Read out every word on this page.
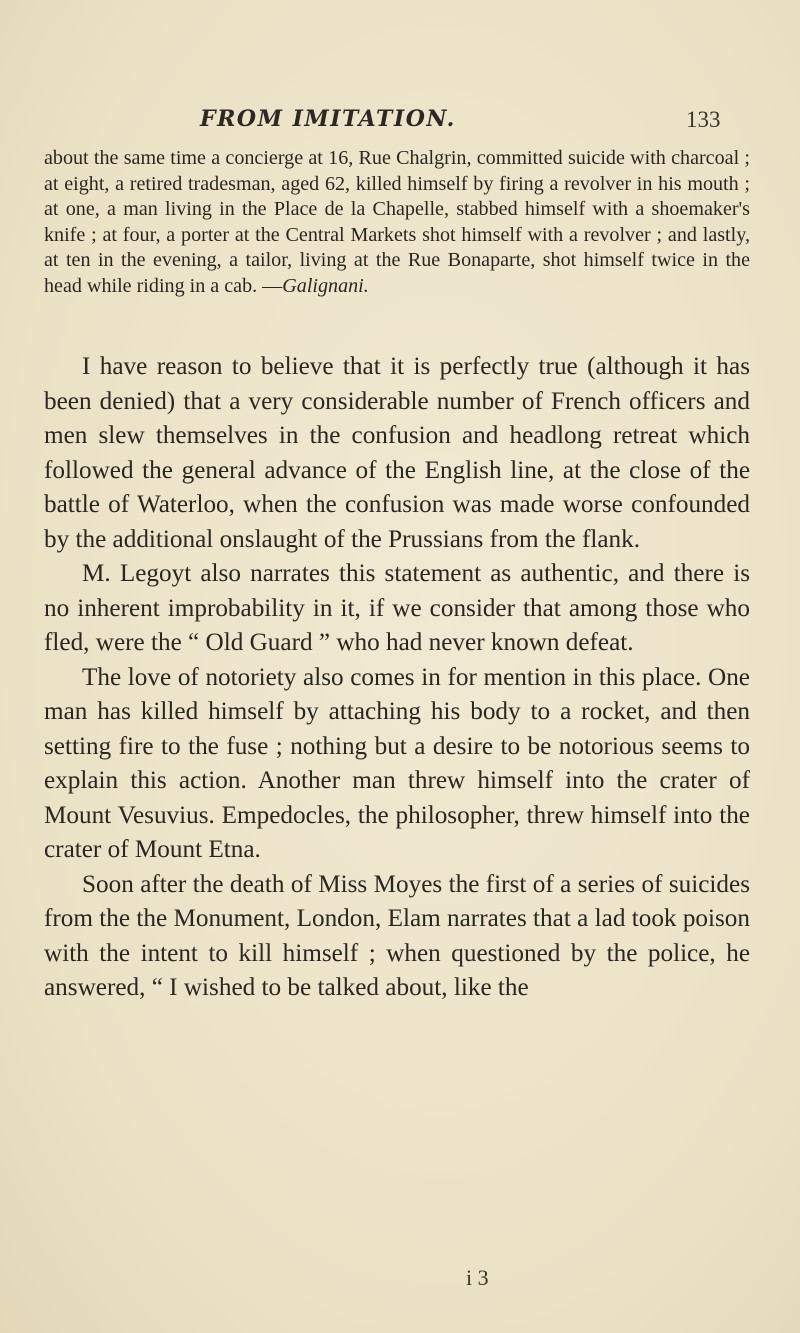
FROM IMITATION.	133

about the same time a concierge at 16, Rue Chalgrin, committed suicide with charcoal ; at eight, a retired tradesman, aged 62, killed himself by firing a revolver in his mouth ; at one, a man living in the Place de la Chapelle, stabbed himself with a shoemaker's knife ; at four, a porter at the Central Markets shot himself with a revolver ; and lastly, at ten in the evening, a tailor, living at the Rue Bonaparte, shot himself twice in the head while riding in a cab. —Galignani.

I have reason to believe that it is perfectly true (although it has been denied) that a very considerable number of French officers and men slew themselves in the confusion and headlong retreat which followed the general advance of the English line, at the close of the battle of Waterloo, when the confusion was made worse confounded by the additional onslaught of the Prussians from the flank.

M. Legoyt also narrates this statement as authentic, and there is no inherent improbability in it, if we consider that among those who fled, were the “ Old Guard ” who had never known defeat.

The love of notoriety also comes in for mention in this place. One man has killed himself by attaching his body to a rocket, and then setting fire to the fuse ; nothing but a desire to be notorious seems to explain this action. Another man threw himself into the crater of Mount Vesuvius. Empedocles, the philosopher, threw himself into the crater of Mount Etna.

Soon after the death of Miss Moyes the first of a series of suicides from the the Monument, London, Elam narrates that a lad took poison with the intent to kill himself ; when questioned by the police, he answered, “ I wished to be talked about, like the

i 3
